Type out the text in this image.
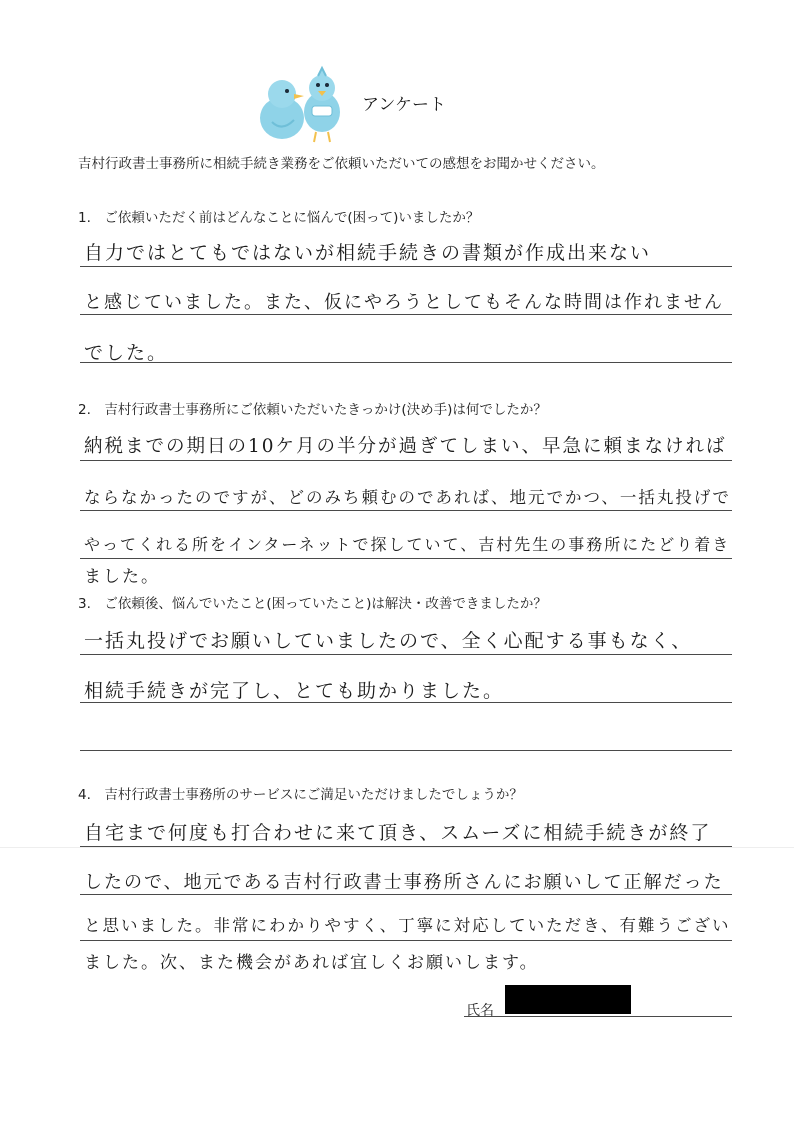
アンケート
吉村行政書士事務所に相続手続き業務をご依頼いただいての感想をお聞かせください。
1.　ご依頼いただく前はどんなことに悩んで(困って)いましたか？
自力ではとてもではないが相続手続きの書類が作成出来ない
と感じていました。また、仮にやろうとしてもそんな時間は作れません
でした。
2.　吉村行政書士事務所にご依頼いただいたきっかけ(決め手)は何でしたか？
納税までの期日の10ケ月の半分が過ぎてしまい、早急に頼まなければ
ならなかったのですが、どのみち頼むのであれば、地元でかつ、一括丸投げで
やってくれる所をインターネットで探していて、吉村先生の事務所にたどり着き
ました。
3.　ご依頼後、悩んでいたこと(困っていたこと)は解決・改善できましたか？
一括丸投げでお願いしていましたので、全く心配する事もなく、
相続手続きが完了し、とても助かりました。
4.　吉村行政書士事務所のサービスにご満足いただけましたでしょうか？
自宅まで何度も打合わせに来て頂き、スムーズに相続手続きが終了
したので、地元である吉村行政書士事務所さんにお願いして正解だった
と思いました。非常にわかりやすく、丁寧に対応していただき、有難うござい
ました。次、また機会があれば宜しくお願いします。
氏名
